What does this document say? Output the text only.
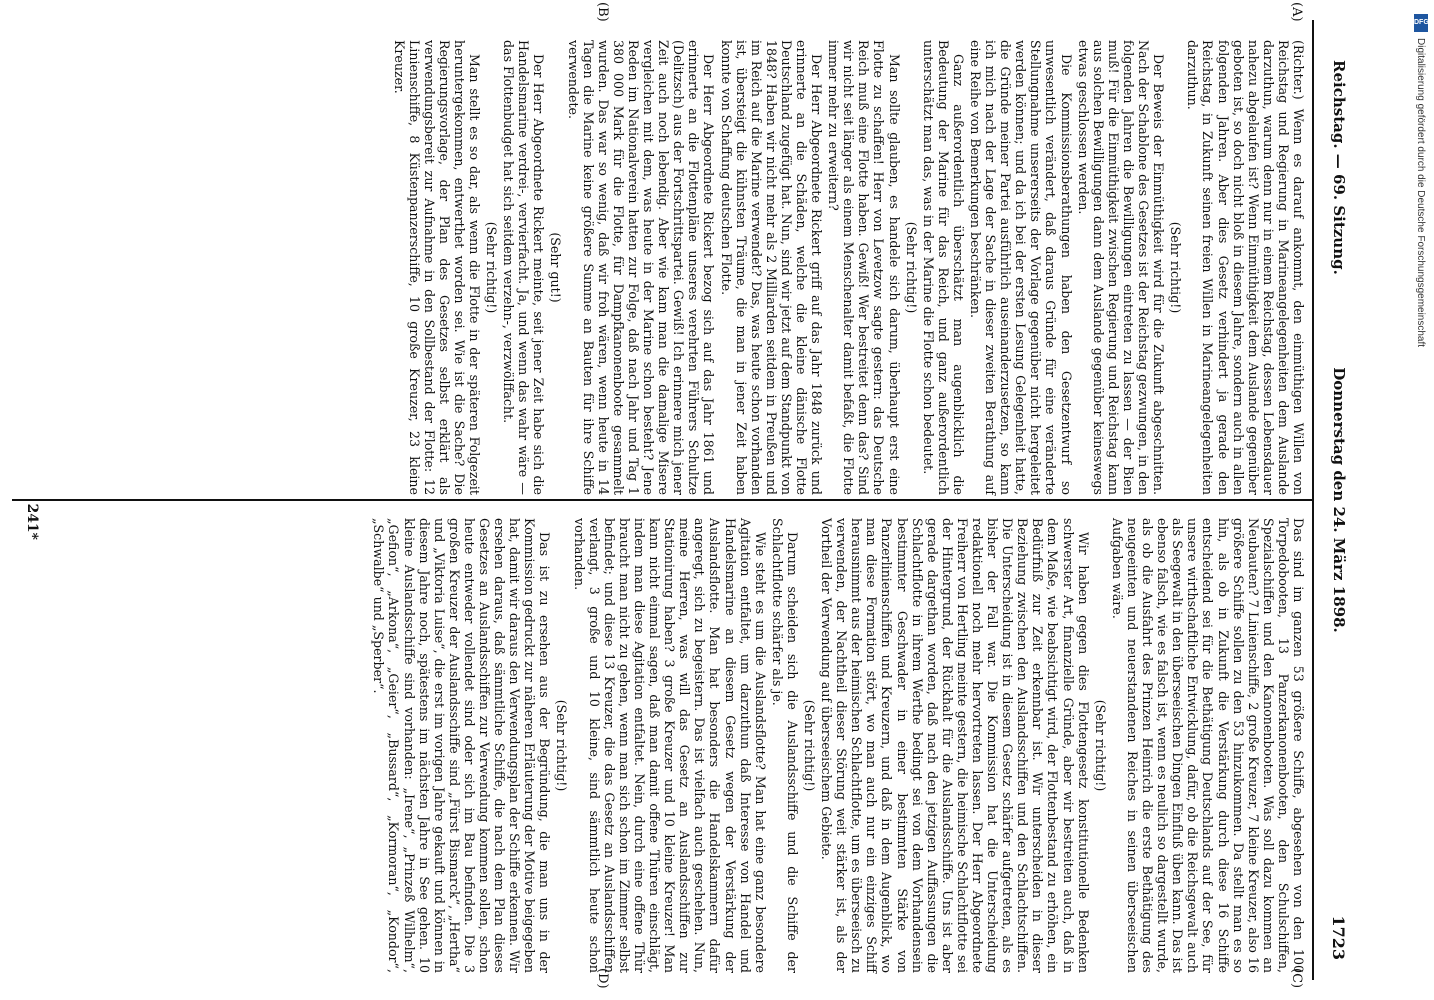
Reichstag. — 69. Sitzung.
Donnerstag den 24. März 1898.
1723
(A)
(B)
(C)
(D)

(Richter.) Wenn es darauf ankommt, den einmüthigen Willen von Reichstag und Regierung in Marineangelegenheiten dem Auslande darzuthun, warum denn nur in einem Reichstag, dessen Lebensdauer nahezu abgelaufen ist? Wenn Einmüthigkeit dem Auslande gegenüber geboten ist, so doch nicht bloß in diesem Jahre, sondern auch in allen folgenden Jahren. Aber dies Gesetz verhindert ja gerade den Reichstag, in Zukunft seinen freien Willen in Marineangelegenheiten darzuthun.

(Sehr richtig!)

Der Beweis der Einmüthigkeit wird für die Zukunft abgeschnitten. Nach der Schablone des Gesetzes ist der Reichstag gezwungen, in den folgenden Jahren die Bewilligungen eintreten zu lassen — der Bien muß! Für die Einmüthigkeit zwischen Regierung und Reichstag kann aus solchen Bewilligungen dann dem Auslande gegenüber keineswegs etwas geschlossen werden.

Die Kommissionsberathungen haben den Gesetzentwurf so unwesentlich verändert, daß daraus Gründe für eine veränderte Stellungnahme unsererseits der Vorlage gegenüber nicht hergeleitet werden können; und da ich bei der ersten Lesung Gelegenheit hatte, die Gründe meiner Partei ausführlich auseinanderzusetzen, so kann ich mich nach der Lage der Sache in dieser zweiten Berathung auf eine Reihe von Bemerkungen beschränken.

Ganz außerordentlich überschätzt man augenblicklich die Bedeutung der Marine für das Reich, und ganz außerordentlich unterschätzt man das, was in der Marine die Flotte schon bedeutet.

(Sehr richtig!)

Man sollte glauben, es handele sich darum, überhaupt erst eine Flotte zu schaffen! Herr von Levetzow sagte gestern: das Deutsche Reich muß eine Flotte haben. Gewiß! Wer bestreitet denn das? Sind wir nicht seit länger als einem Menschenalter damit befaßt, die Flotte immer mehr zu erweitern?

Der Herr Abgeordnete Rickert griff auf das Jahr 1848 zurück und erinnerte an die Schäden, welche die kleine dänische Flotte Deutschland zugefügt hat. Nun, sind wir jetzt auf dem Standpunkt von 1848? Haben wir nicht mehr als 2 Milliarden seitdem in Preußen und im Reich auf die Marine verwendet? Das, was heute schon vorhanden ist, übersteigt die kühnsten Träume, die man in jener Zeit haben konnte von Schaffung deutschen Flotte.

Der Herr Abgeordnete Rickert bezog sich auf das Jahr 1861 und erinnerte an die Flottenpläne unseres verehrten Führers Schultze (Delitzsch) aus der Fortschrittspartei. Gewiß! Ich erinnere mich jener Zeit auch noch lebendig. Aber wie kam man die damalige Misere vergleichen mit dem, was heute in der Marine schon besteht? Jene Reden im Nationalverein hatten zur Folge, daß nach Jahr und Tag 1 380 000 Mark für die Flotte, für Dampfkanonenboote gesammelt wurden. Das war so wenig, daß wir froh wären, wenn heute in 14 Tagen die Marine keine größere Summe an Bauten für ihre Schiffe verwendete.

(Sehr gut!)

Der Herr Abgeordnete Rickert meinte, seit jener Zeit habe sich die Handelsmarine verdrei-, vervierfacht. Ja, und wenn das wahr wäre — das Flottenbudget hat sich seitdem verzehn-, verzwölffacht.

(Sehr richtig!)

Man stellt es so dar, als wenn die Flotte in der späteren Folgezeit heruntergekommen, entwerthet worden sei. Wie ist die Sache? Die Regierungsvorlage, der Plan des Gesetzes selbst erklärt als verwendungsbereit zur Aufnahme in den Sollbestand der Flotte: 12 Linienschiffe, 8 Küstenpanzerschiffe, 10 große Kreuzer, 23 kleine Kreuzer.

Das sind im ganzen 53 größere Schiffe, abgesehen von den 100 Torpedobooten, 13 Panzerkanonenbooten, den Schulschiffen, Spezialschiffen und den Kanonenbooten. Was soll dazu kommen an Neubauten? 7 Linienschiffe, 2 große Kreuzer, 7 kleine Kreuzer, also 16 größere Schiffe sollen zu den 53 hinzukommen. Da stellt man es so hin, als ob in Zukunft die Verstärkung durch diese 16 Schiffe entscheidend sei für die Bethätigung Deutschlands auf der See, für unsere wirthschaftliche Entwicklung, dafür, ob die Reichsgewalt auch als Seegewalt in den überseeischen Dingen Einfluß üben kann. Das ist ebenso falsch, wie es falsch ist, wenn es neulich so dargestellt wurde, als ob die Ausfahrt des Prinzen Heinrich die erste Bethätigung des neugeeinten und neuerstandenen Reiches in seinen überseeischen Aufgaben wäre.

(Sehr richtig!)

Wir haben gegen dies Flottengesetz konstitutionelle Bedenken schwerster Art, finanzielle Gründe, aber wir bestreiten auch, daß in dem Maße, wie beabsichtigt wird, der Flottenbestand zu erhöhen, ein Bedürfniß zur Zeit erkennbar ist. Wir unterscheiden in dieser Beziehung zwischen den Auslandsschiffen und den Schlachtschiffen. Die Unterscheidung ist in diesem Gesetz schärfer aufgetreten, als es bisher der Fall war. Die Kommission hat die Unterscheidung redaktionell noch mehr hervortreten lassen. Der Herr Abgeordnete Freiherr von Hertling meinte gestern, die heimische Schlachtflotte sei der Hintergrund, der Rückhalt für die Auslandsschiffe. Uns ist aber gerade dargethan worden, daß nach den jetzigen Auffassungen die Schlachtflotte in ihrem Werthe bedingt sei von dem Vorhandensein bestimmter Geschwader in einer bestimmten Stärke von Panzerlinienschiffen und Kreuzern, und daß in dem Augenblick, wo man diese Formation stört, wo man auch nur ein einziges Schiff herausnimmt aus der heimischen Schlachtflotte, um es überseeisch zu verwenden, der Nachtheil dieser Störung weit stärker ist, als der Vortheil der Verwendung auf überseeischem Gebiete.

(Sehr richtig!)

Darum scheiden sich die Auslandsschiffe und die Schiffe der Schlachtflotte schärfer als je.

Wie steht es um die Auslandsflotte? Man hat eine ganz besondere Agitation entfaltet, um darzuthun daß Interesse von Handel und Handelsmarine an diesem Gesetz wegen der Verstärkung der Auslandsflotte. Man hat besonders die Handelskammern dafür angeregt, sich zu begeistern. Das ist vielfach auch geschehen. Nun, meine Herren, was will das Gesetz an Auslandsschiffen zur Stationirung haben? 3 große Kreuzer und 10 kleine Kreuzer! Man kann nicht einmal sagen, daß man damit offene Thüren einschlägt, indem man diese Agitation entfaltet. Nein, durch eine offene Thür braucht man nicht zu gehen, wenn man sich schon im Zimmer selbst befindet; und diese 13 Kreuzer, die das Gesetz an Auslandsschiffen verlangt, 3 große und 10 kleine, sind sämmtlich heute schon vorhanden.

(Sehr richtig!)

Das ist zu ersehen aus der Begründung, die man uns in der Kommission gedruckt zur näheren Erläuterung der Motive beigegeben hat, damit wir daraus den Verwendungsplan der Schiffe erkennen. Wir ersehen daraus, daß sämmtliche Schiffe, die nach dem Plan dieses Gesetzes an Auslandsschiffen zur Verwendung kommen sollen, schon heute entweder vollendet sind oder sich im Bau befinden. Die 3 großen Kreuzer der Auslandsschiffe sind „Fürst Bismarck“, „Hertha“ und „Viktoria Luise“, die erst im vorigen Jahre gekauft und können in diesem Jahre noch, spätestens im nächsten Jahre in See gehen. 10 kleine Auslandsschiffe sind vorhanden: „Irene“, „Prinzeß Wilhelm“, „Gefion“, „Arkona“, „Geier“, „Bussard“, „Kormoran“, „Kondor“, „Schwalbe“ und „Sperber“.

241*
DFG
Digitalisierung gefördert durch die Deutsche Forschungsgemeinschaft
